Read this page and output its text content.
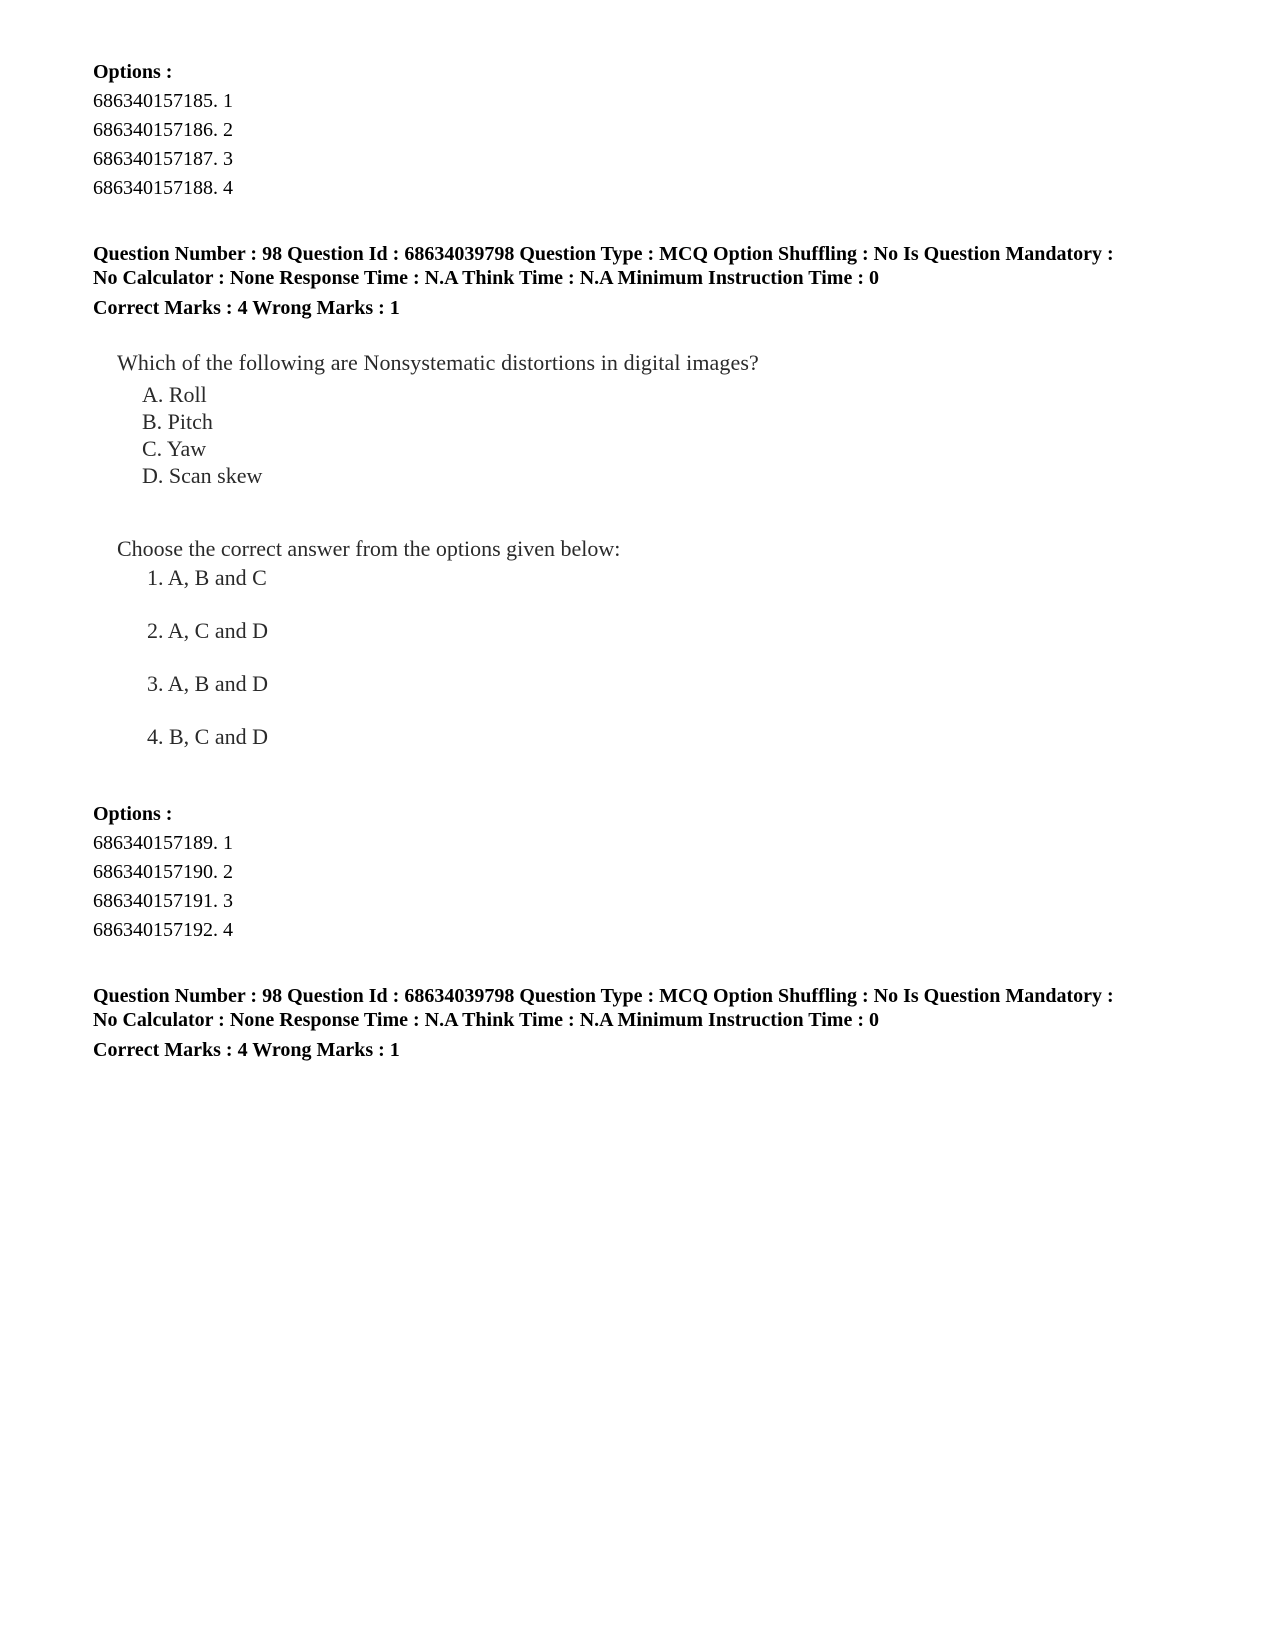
Options :
686340157185. 1
686340157186. 2
686340157187. 3
686340157188. 4
Question Number : 98 Question Id : 68634039798 Question Type : MCQ Option Shuffling : No Is Question Mandatory :
No Calculator : None Response Time : N.A Think Time : N.A Minimum Instruction Time : 0
Correct Marks : 4 Wrong Marks : 1
Which of the following are Nonsystematic distortions in digital images?
A. Roll
B. Pitch
C. Yaw
D. Scan skew
Choose the correct answer from the options given below:
1. A, B and C
2. A, C and D
3. A, B and D
4. B, C and D
Options :
686340157189. 1
686340157190. 2
686340157191. 3
686340157192. 4
Question Number : 98 Question Id : 68634039798 Question Type : MCQ Option Shuffling : No Is Question Mandatory :
No Calculator : None Response Time : N.A Think Time : N.A Minimum Instruction Time : 0
Correct Marks : 4 Wrong Marks : 1
